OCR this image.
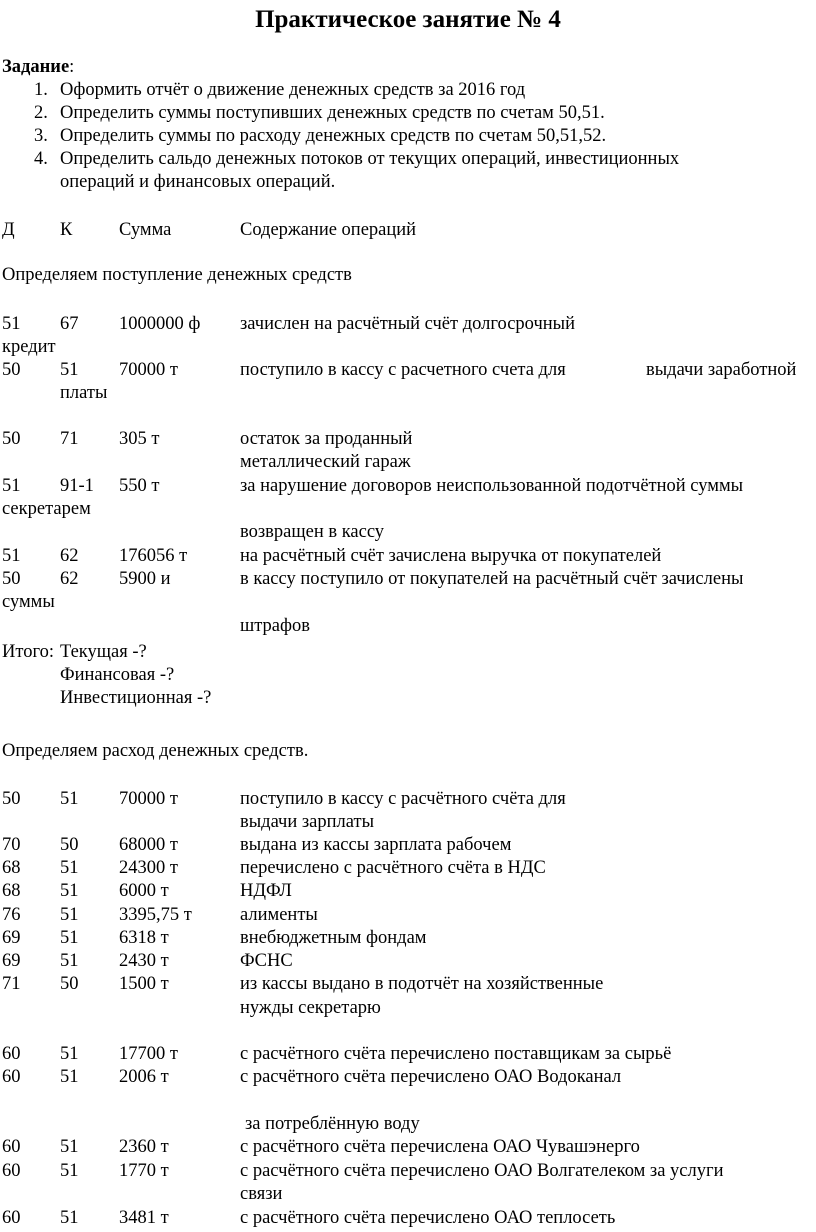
Практическое занятие № 4
Задание:
1. Оформить отчёт о движение денежных средств за 2016 год
2. Определить суммы поступивших денежных средств по счетам 50,51.
3. Определить суммы по расходу денежных средств по счетам 50,51,52.
4. Определить сальдо денежных потоков от текущих операций, инвестиционных
операций и финансовых операций.
Д К	Сумма	Содержание операций
Определяем поступление денежных средств
51 67 1000000 ф зачислен на расчётный счёт долгосрочный
кредит
50 51 70000 т	поступило в кассу с расчетного счета для	выдачи заработной
платы
50 71 305 т	остаток за проданный
металлический гараж
51 91-1 550 т	за нарушение договоров неиспользованной подотчётной суммы
секретарем
возвращен в кассу
51 62 176056 т	на расчётный счёт зачислена выручка от покупателей
50 62 5900 и	в кассу поступило от покупателей на расчётный счёт зачислены
суммы
штрафов
Итого: Текущая -?
Финансовая -?
Инвестиционная -?
Определяем расход денежных средств.
50 51 70000 т	поступило в кассу с расчётного счёта для
выдачи зарплаты
70 50 68000 т	выдана из кассы зарплата рабочем
68 51 24300 т	перечислено с расчётного счёта в НДС
68 51 6000 т	НДФЛ
76 51 3395,75 т	алименты
69 51 6318 т	внебюджетным фондам
69 51 2430 т	ФСНС
71 50 1500 т	из кассы выдано в подотчёт на хозяйственные
нужды секретарю
60 51 17700 т	с расчётного счёта перечислено поставщикам за сырьё
60 51 2006 т	с расчётного счёта перечислено ОАО Водоканал
за потреблённую воду
60 51 2360 т	с расчётного счёта перечислена ОАО Чувашэнерго
60 51 1770 т	с расчётного счёта перечислено ОАО Волгателеком за услуги
связи
60 51 3481 т	с расчётного счёта перечислено ОАО теплосеть
